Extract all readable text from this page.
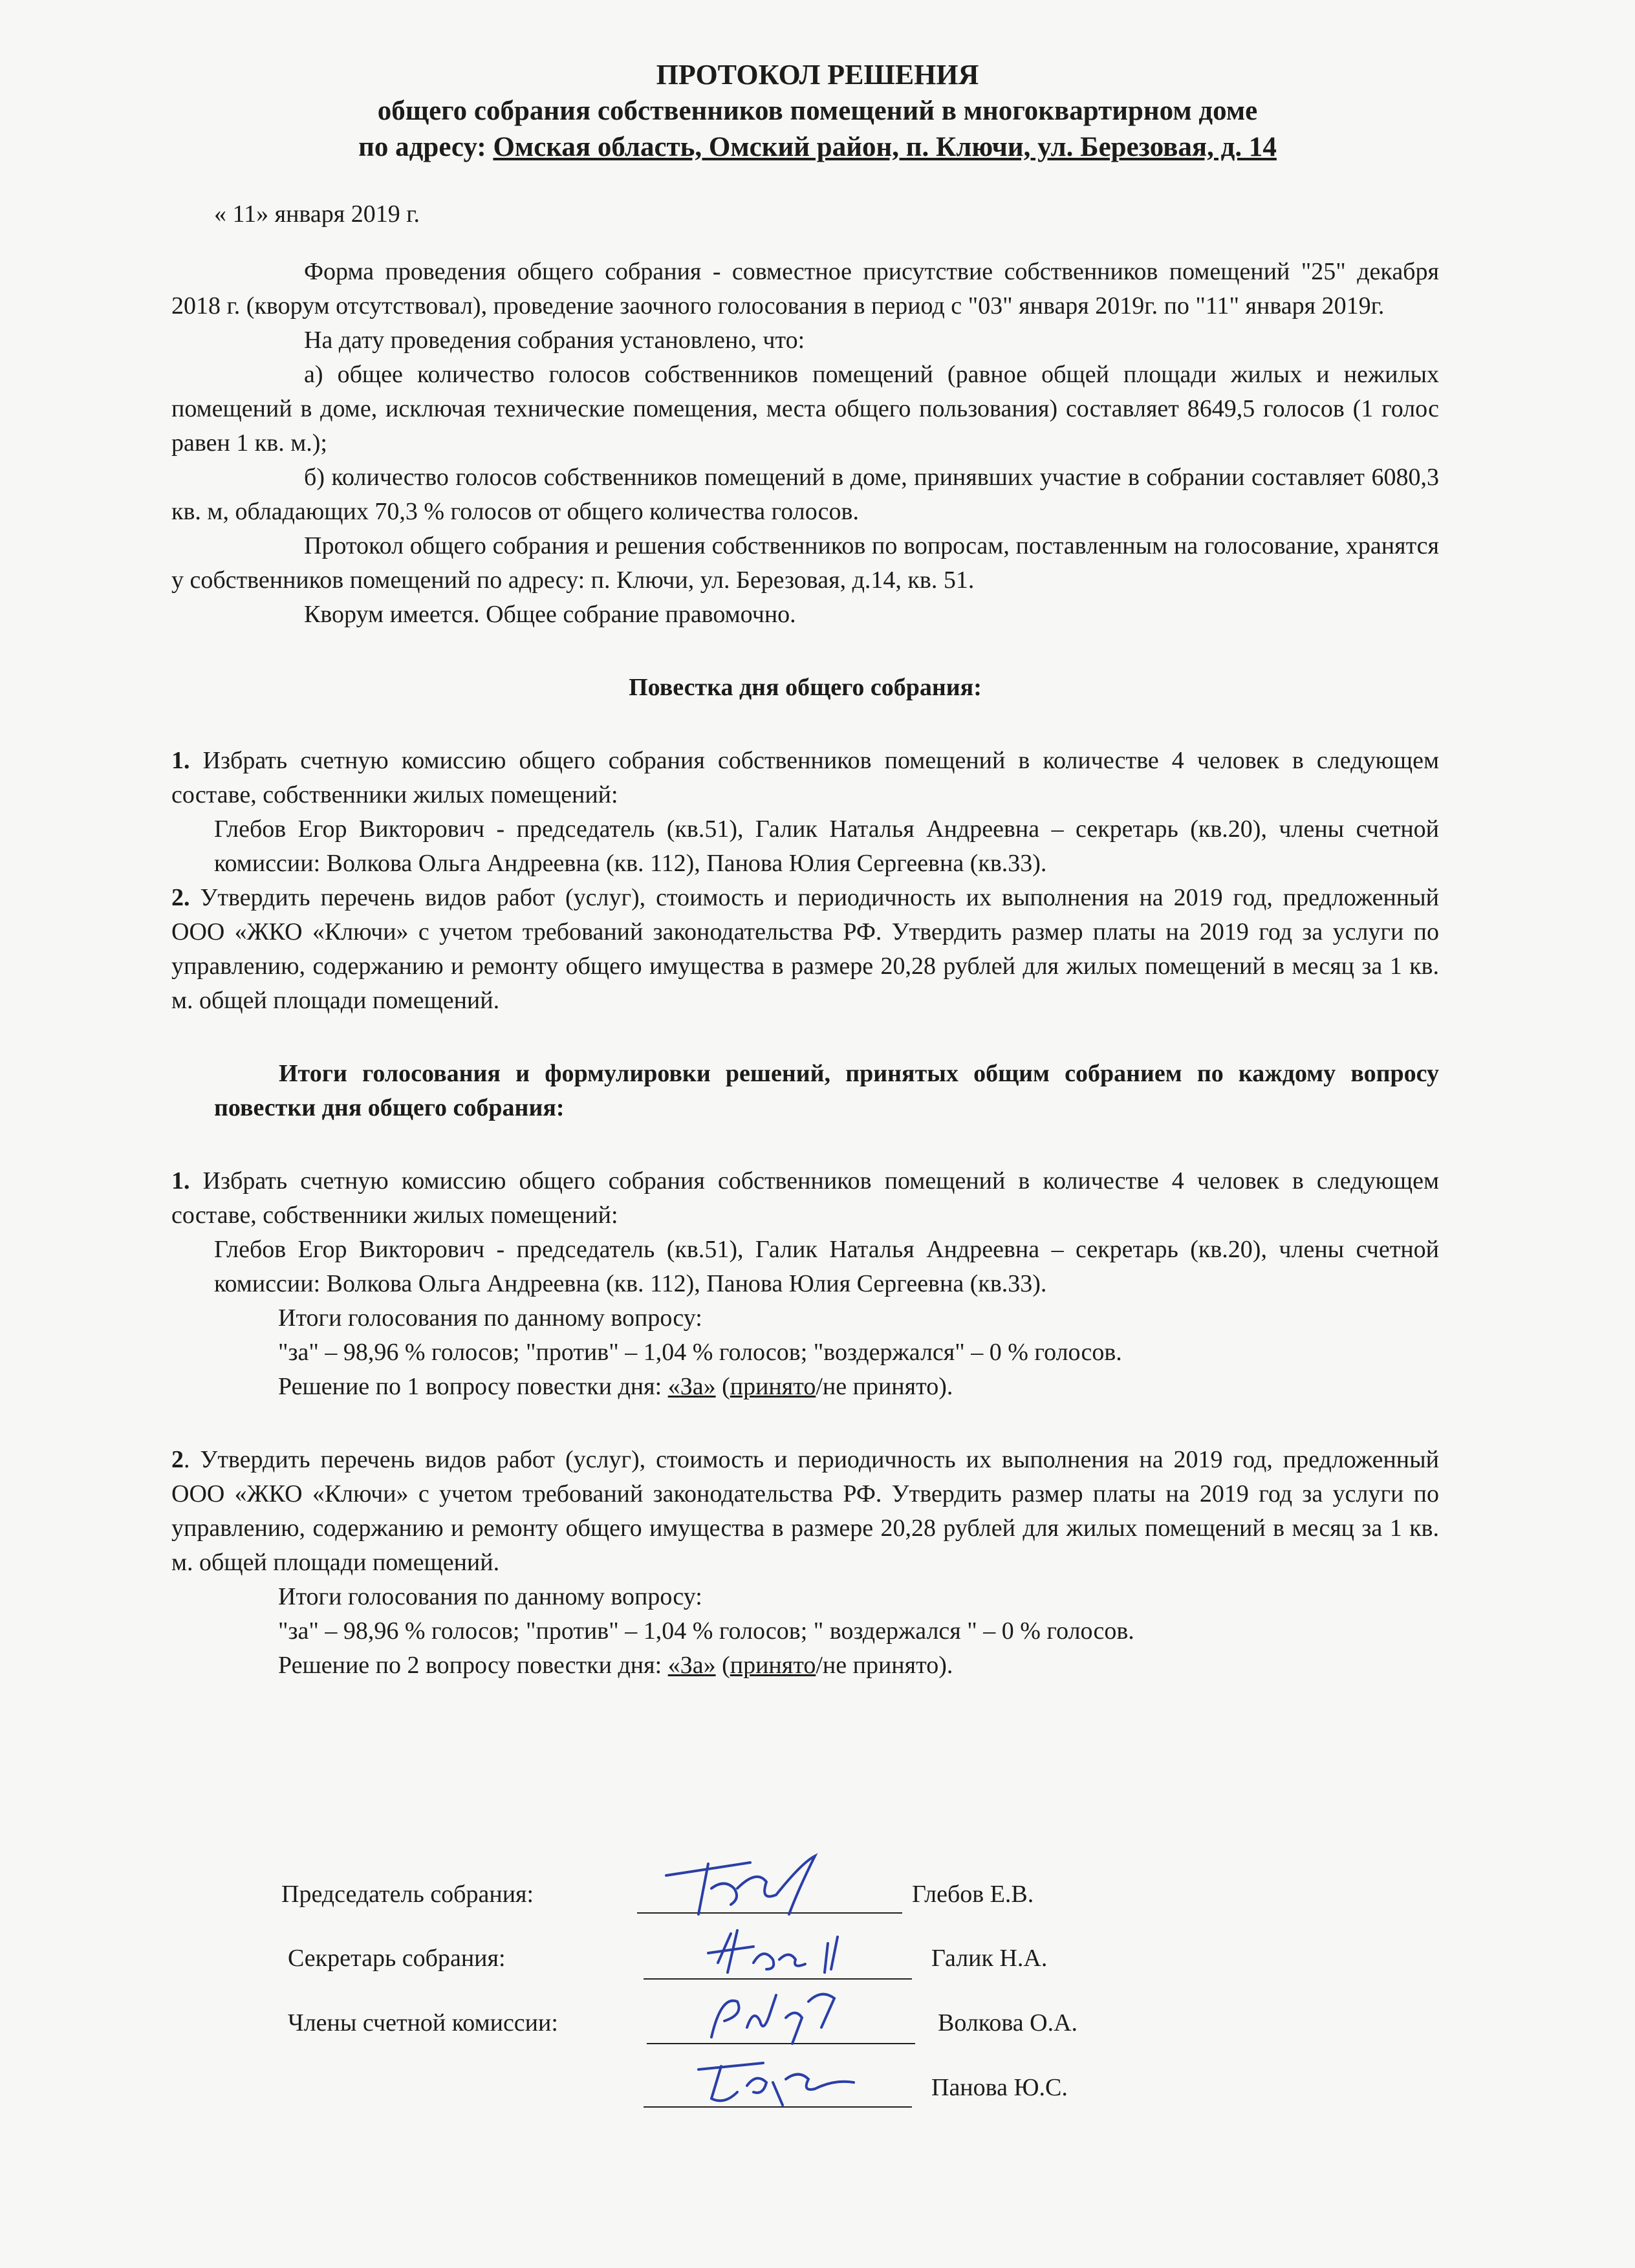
ПРОТОКОЛ РЕШЕНИЯ
общего собрания собственников помещений в многоквартирном доме
по адресу: Омская область, Омский район, п. Ключи, ул. Березовая, д. 14

« 11» января 2019 г.

Форма проведения общего собрания - совместное присутствие собственников помещений "25" декабря 2018 г. (кворум отсутствовал), проведение заочного голосования в период с "03" января 2019г. по "11" января 2019г.

На дату проведения собрания установлено, что:

а) общее количество голосов собственников помещений (равное общей площади жилых и нежилых помещений в доме, исключая технические помещения, места общего пользования) составляет 8649,5 голосов (1 голос равен 1 кв. м.);

б) количество голосов собственников помещений в доме, принявших участие в собрании составляет 6080,3 кв. м, обладающих 70,3 % голосов от общего количества голосов.

Протокол общего собрания и решения собственников по вопросам, поставленным на голосование, хранятся у собственников помещений по адресу: п. Ключи, ул. Березовая, д.14, кв. 51.

Кворум имеется. Общее собрание правомочно.

Повестка дня общего собрания:

1. Избрать счетную комиссию общего собрания собственников помещений в количестве 4 человек в следующем составе, собственники жилых помещений:

Глебов Егор Викторович - председатель (кв.51), Галик Наталья Андреевна – секретарь (кв.20), члены счетной комиссии: Волкова Ольга Андреевна (кв. 112), Панова Юлия Сергеевна (кв.33).

2. Утвердить перечень видов работ (услуг), стоимость и периодичность их выполнения на 2019 год, предложенный ООО «ЖКО «Ключи» с учетом требований законодательства РФ. Утвердить размер платы на 2019 год за услуги по управлению, содержанию и ремонту общего имущества в размере 20,28 рублей для жилых помещений в месяц за 1 кв. м. общей площади помещений.

Итоги голосования и формулировки решений, принятых общим собранием по каждому вопросу повестки дня общего собрания:

1. Избрать счетную комиссию общего собрания собственников помещений в количестве 4 человек в следующем составе, собственники жилых помещений:

Глебов Егор Викторович - председатель (кв.51), Галик Наталья Андреевна – секретарь (кв.20), члены счетной комиссии: Волкова Ольга Андреевна (кв. 112), Панова Юлия Сергеевна (кв.33).

Итоги голосования по данному вопросу:

"за" – 98,96 % голосов; "против" – 1,04 % голосов; "воздержался" – 0 % голосов.

Решение по 1 вопросу повестки дня: «За» (принято/не принято).

2. Утвердить перечень видов работ (услуг), стоимость и периодичность их выполнения на 2019 год, предложенный ООО «ЖКО «Ключи» с учетом требований законодательства РФ. Утвердить размер платы на 2019 год за услуги по управлению, содержанию и ремонту общего имущества в размере 20,28 рублей для жилых помещений в месяц за 1 кв. м. общей площади помещений.

Итоги голосования по данному вопросу:

"за" – 98,96 % голосов; "против" – 1,04 % голосов; " воздержался " – 0 % голосов.

Решение по 2 вопросу повестки дня: «За» (принято/не принято).

Председатель собрания:	Глебов Е.В.
Секретарь собрания:	Галик Н.А.
Члены счетной комиссии:	Волкова О.А.
Панова Ю.С.
